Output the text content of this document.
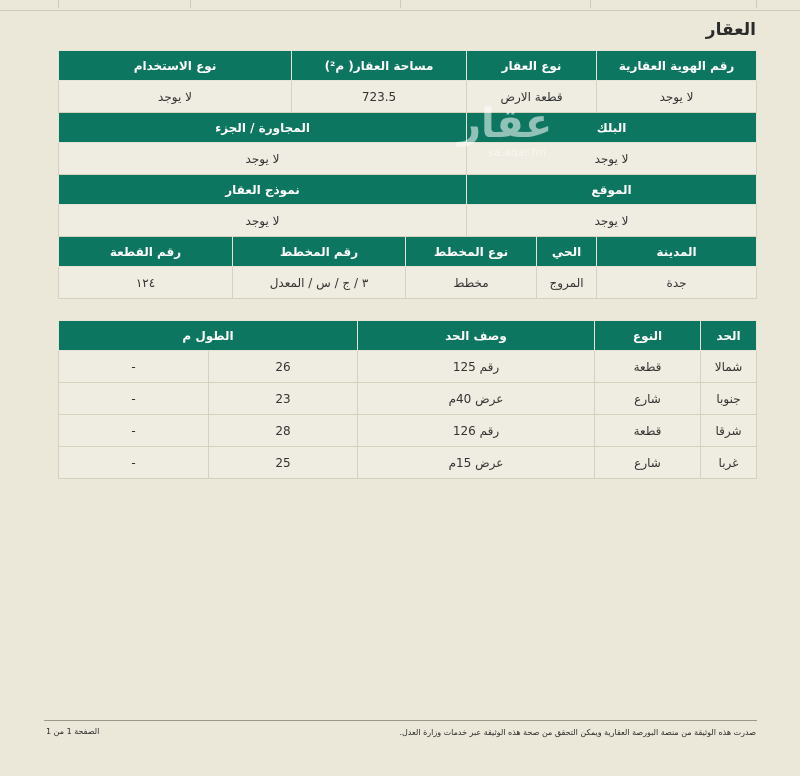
العقار
رقم الهوية العقارية	نوع العقار		مساحة العقار( م²)		نوع الاستخدام	
لا يوجد	قطعة الارض		723.5		لا يوجد	
البلك			المجاورة / الجزء			
لا يوجد			لا يوجد			
الموقع			نموذج العقار			
لا يوجد			لا يوجد			
المدينة	الحي	نوع المخطط		رقم المخطط		رقم القطعة
جدة	المروج	مخطط		٣ / ج / س / المعدل		١٢٤
عقار
sa.aqar.fm
الحد	النوع	وصف الحد	الطول م	
شمالا	قطعة	رقم 125	26	-
جنوبا	شارع	عرض 40م	23	-
شرقا	قطعة	رقم 126	28	-
غربا	شارع	عرض 15م	25	-
الصفحة 1 من 1	صدرت هذه الوثيقة من منصة البورصة العقارية ويمكن التحقق من صحة هذه الوثيقة عبر خدمات وزارة العدل.
